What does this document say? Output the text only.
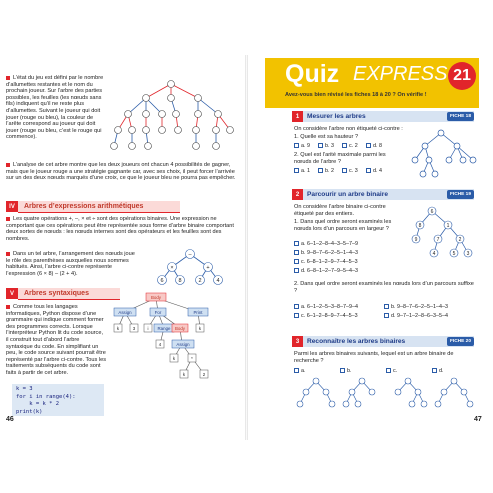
L’état du jeu est défini par le nombre d’allumettes restantes et le nom du prochain joueur. Sur l’arbre des parties possibles, les feuilles (les nœuds sans fils) indiquent qu’il ne reste plus d’allumettes. Suivant le joueur qui doit jouer (rouge ou bleu), la couleur de l’arête correspond au joueur qui doit jouer (rouge ou bleu, c’est le rouge qui commence).
L’analyse de cet arbre montre que les deux joueurs ont chacun 4 possibilités de gagner, mais que le joueur rouge a une stratégie gagnante car, avec ses choix, il peut forcer l’arrivée sur un des deux nœuds marqués d’une croix, ce que le joueur bleu ne pourra pas empêcher.
IV	Arbres d’expressions arithmétiques
Les quatre opérations +, –, × et ÷ sont des opérations binaires. Une expression ne comportant que ces opérations peut être représentée sous forme d’arbre binaire comportant deux sortes de nœuds : les nœuds internes sont des opérateurs et les feuilles sont des nombres.
Dans un tel arbre, l’arrangement des nœuds joue le rôle des parenthèses auxquelles nous sommes habitués. Ainsi, l’arbre ci-contre représente l’expression (6 × 8) – (2 + 4).
–
×	+
6	8	2	4
V	Arbres syntaxiques
Comme tous les langages informatiques, Python dispose d’une grammaire qui indique comment former des programmes corrects. Lorsque l’interpréteur Python lit du code source, il construit tout d’abord l’arbre syntaxique du code. En simplifiant un peu, le code source suivant pourrait être représenté par l’arbre ci-contre. Tous les traitements subséquents du code sont faits à partir de cet arbre.
Body
Assign	For	Print
k	3	i Range Body	k
4	Assign
k	*
k	2
k = 3
for i in range(4):
k = k * 2
print(k)
46
Quiz EXPRESS 21
Avez-vous bien révisé les fiches 18 à 20 ? On vérifie !
1	Mesurer les arbres	FICHE 18
On considère l’arbre non étiqueté ci-contre :
1. Quelle est sa hauteur ?
a. 9	b. 3	c. 2	d. 8
2. Quel est l’arité maximale parmi les nœuds de l’arbre ?
a. 1	b. 2	c. 3	d. 4
2	Parcourir un arbre binaire	FICHE 19
On considère l’arbre binaire ci-contre étiqueté par des entiers.
1. Dans quel ordre seront examinés les nœuds lors d’un parcours en largeur ?
a. 6–1–2–8–4–3–5–7–9
b. 9–8–7–6–2–5–1–4–3
c. 6–8–1–2–9–7–4–5–3
d. 6–8–1–2–7–9–5–4–3
2. Dans quel ordre seront examinés les nœuds lors d’un parcours suffixe ?
a. 6–1–2–5–3–8–7–9–4	b. 9–8–7–6–2–5–1–4–3
c. 6–1–2–8–9–7–4–5–3	d. 9–7–1–2–8–6–3–5–4
6
8	1
9	7	2
4	5 3
3	Reconnaître les arbres binaires	FICHE 20
Parmi les arbres binaires suivants, lequel est un arbre binaire de recherche ?
a.	b.	c.	d.
47
